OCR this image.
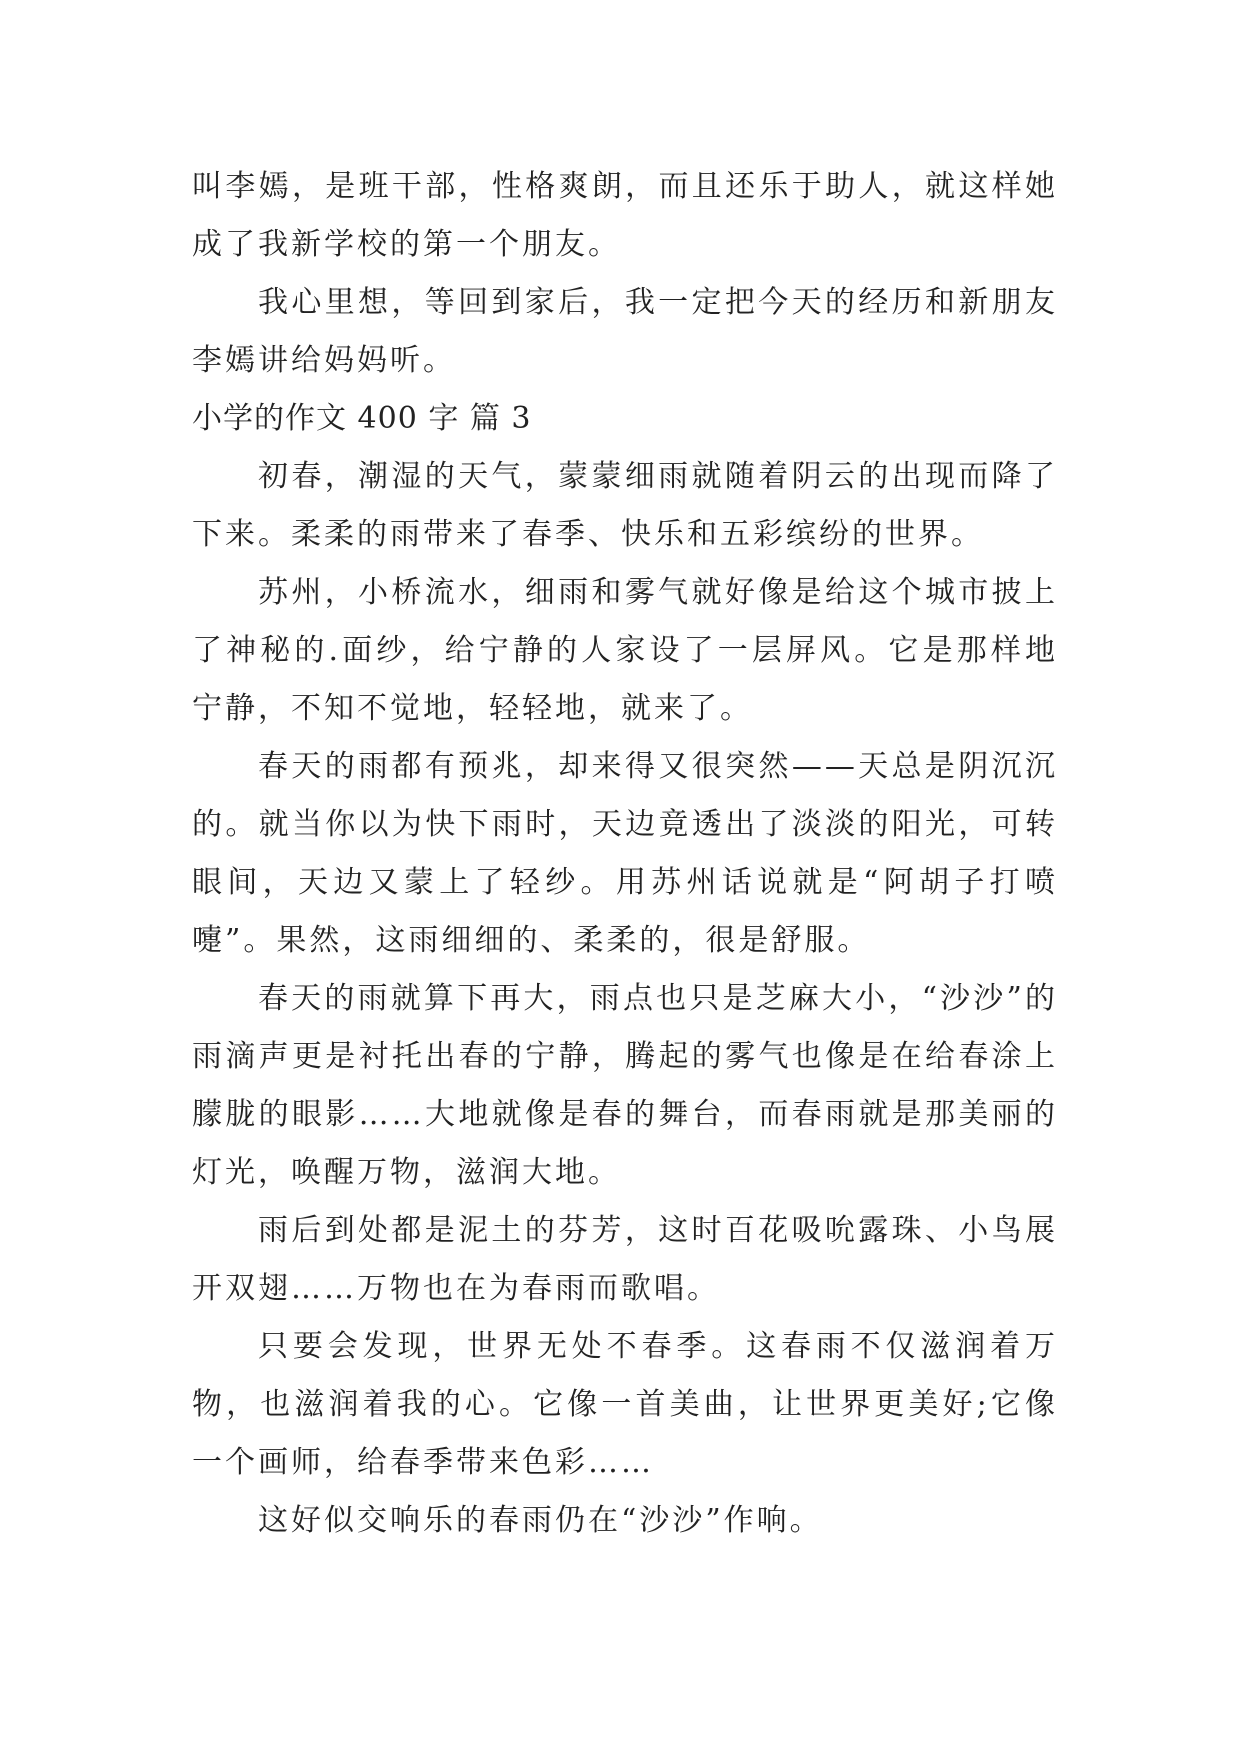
叫李嫣，是班干部，性格爽朗，而且还乐于助人，就这样她成了我新学校的第一个朋友。

我心里想，等回到家后，我一定把今天的经历和新朋友李嫣讲给妈妈听。

小学的作文 400 字 篇 3

初春，潮湿的天气，蒙蒙细雨就随着阴云的出现而降了下来。柔柔的雨带来了春季、快乐和五彩缤纷的世界。

苏州，小桥流水，细雨和雾气就好像是给这个城市披上了神秘的.面纱，给宁静的人家设了一层屏风。它是那样地宁静，不知不觉地，轻轻地，就来了。

春天的雨都有预兆，却来得又很突然——天总是阴沉沉的。就当你以为快下雨时，天边竟透出了淡淡的阳光，可转眼间，天边又蒙上了轻纱。用苏州话说就是“阿胡子打喷嚏”。果然，这雨细细的、柔柔的，很是舒服。

春天的雨就算下再大，雨点也只是芝麻大小，“沙沙”的雨滴声更是衬托出春的宁静，腾起的雾气也像是在给春涂上朦胧的眼影……大地就像是春的舞台，而春雨就是那美丽的灯光，唤醒万物，滋润大地。

雨后到处都是泥土的芬芳，这时百花吸吮露珠、小鸟展开双翅……万物也在为春雨而歌唱。

只要会发现，世界无处不春季。这春雨不仅滋润着万物，也滋润着我的心。它像一首美曲，让世界更美好;它像一个画师，给春季带来色彩……

这好似交响乐的春雨仍在“沙沙”作响。
